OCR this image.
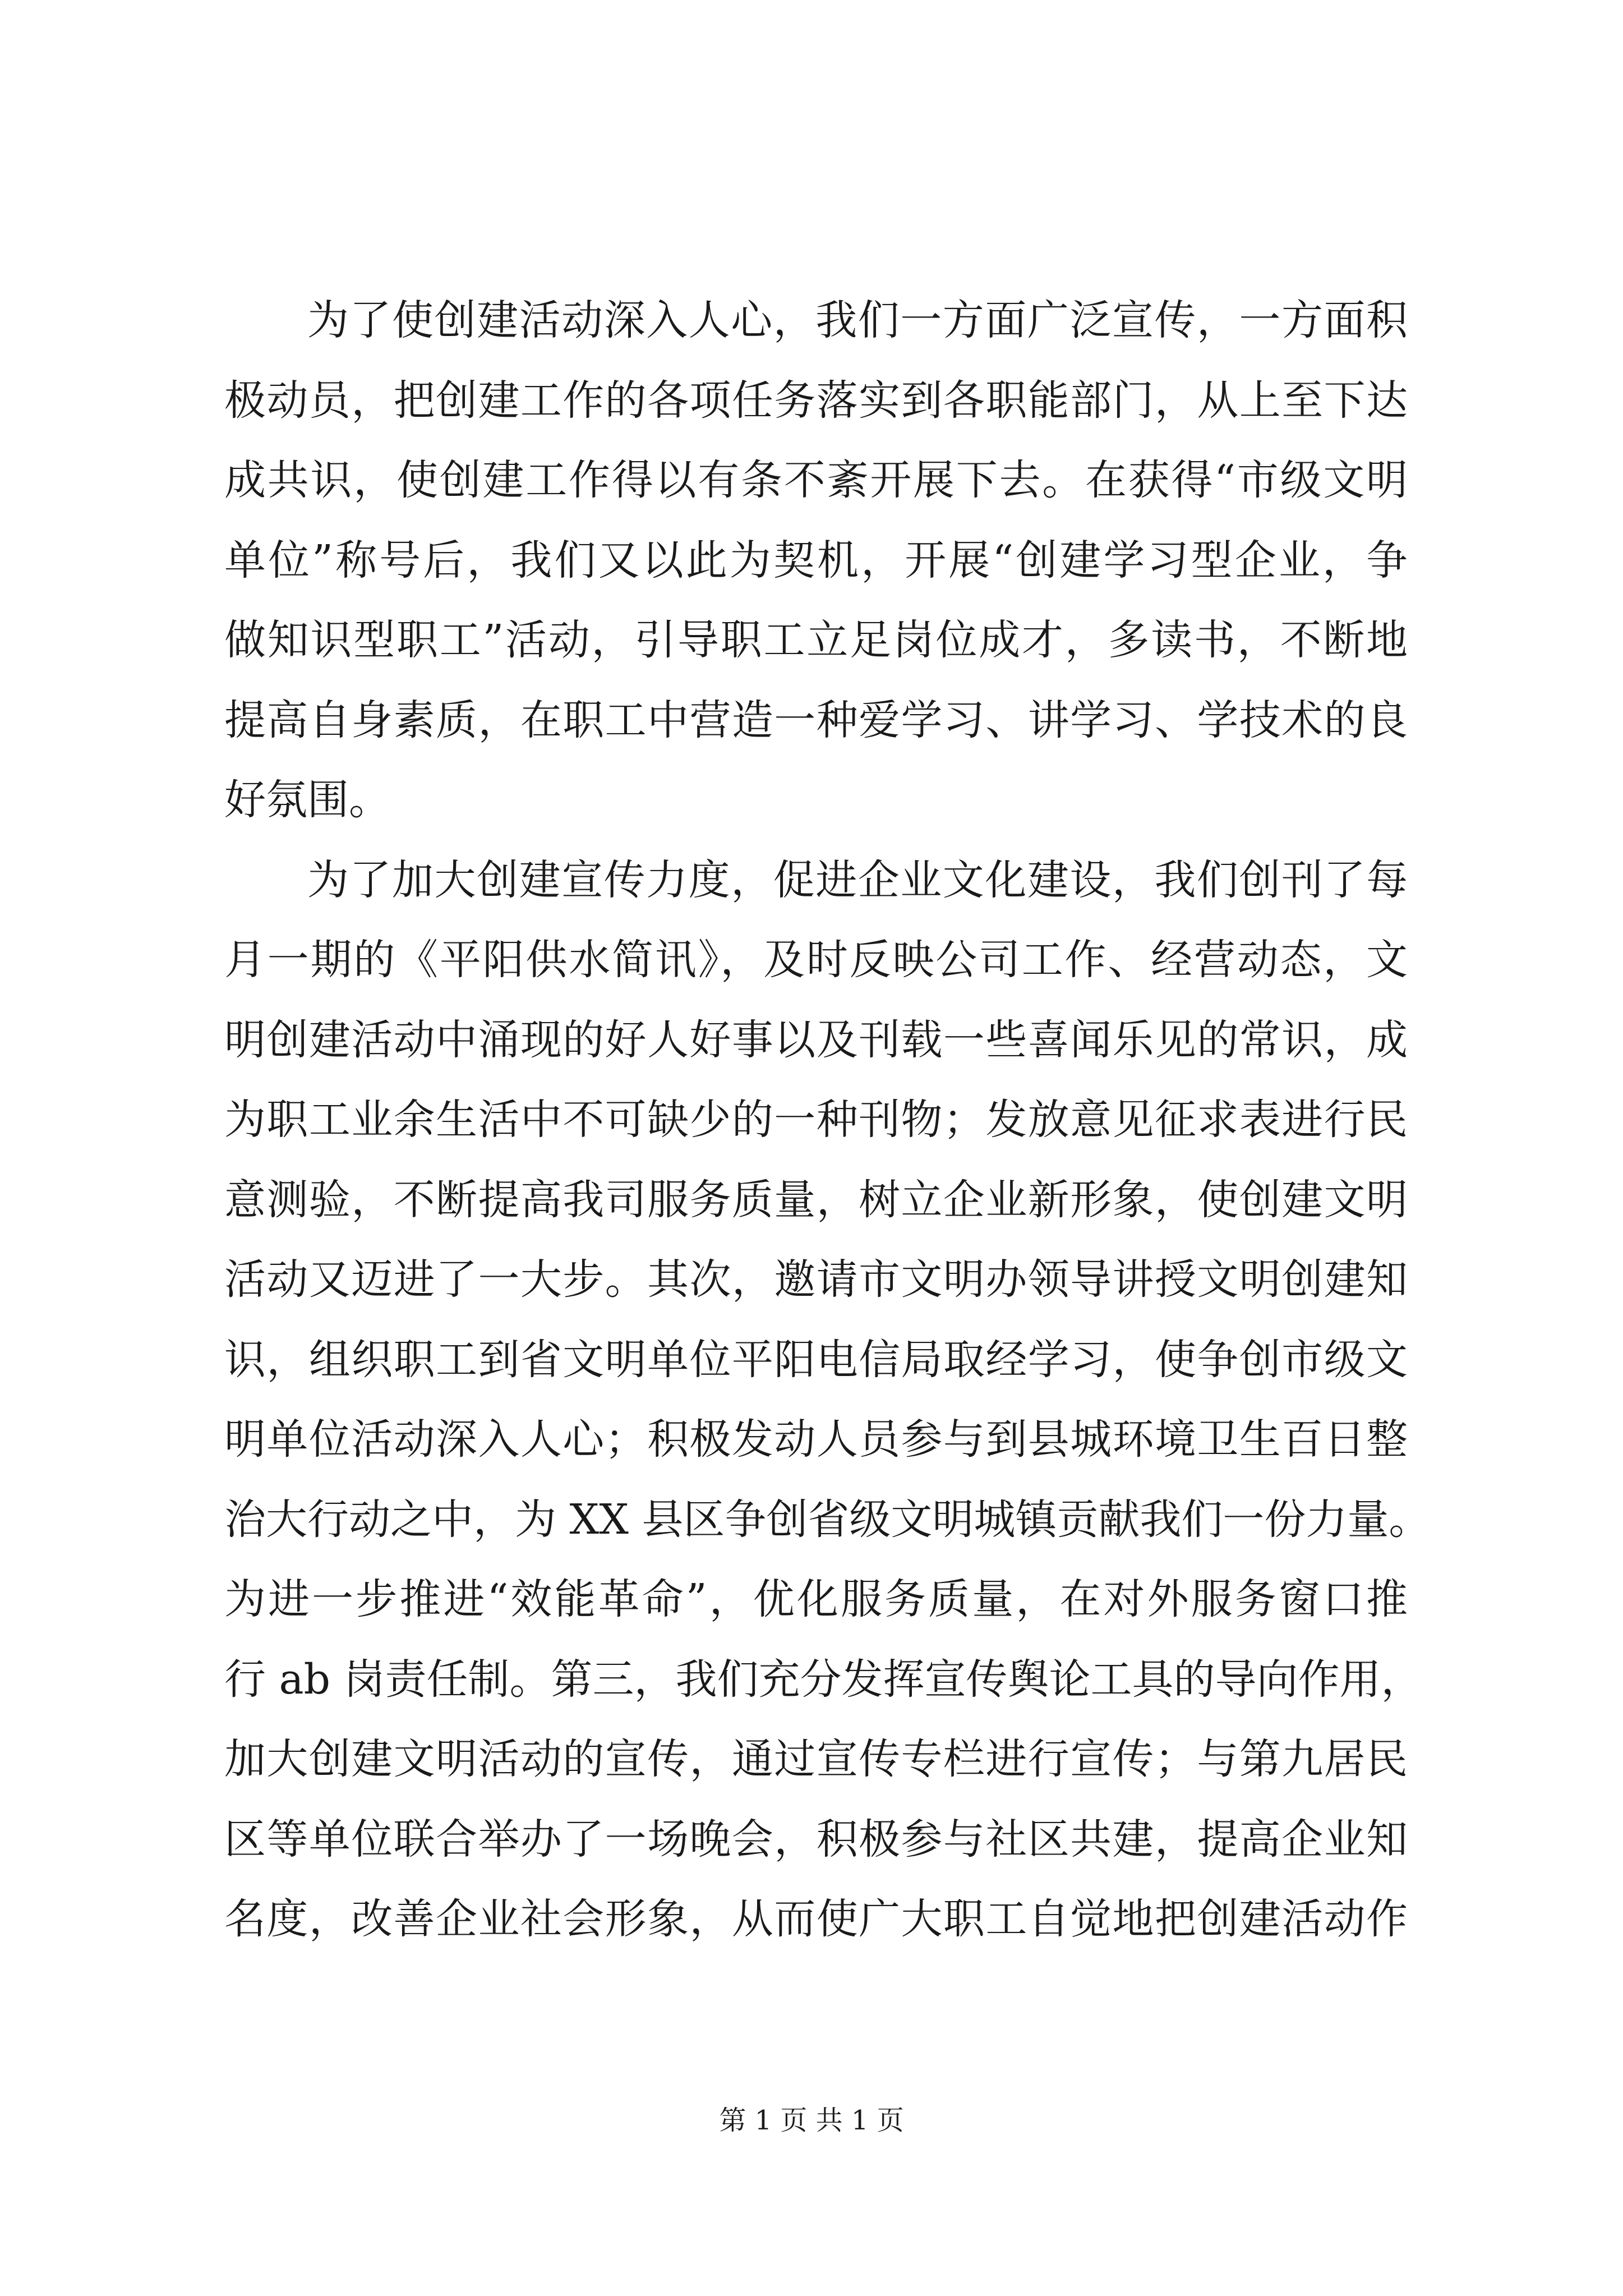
为了使创建活动深入人心，我们一方面广泛宣传，一方面积
极动员，把创建工作的各项任务落实到各职能部门，从上至下达
成共识，使创建工作得以有条不紊开展下去。在获得“市级文明
单位”称号后，我们又以此为契机，开展“创建学习型企业，争
做知识型职工”活动，引导职工立足岗位成才，多读书，不断地
提高自身素质，在职工中营造一种爱学习、讲学习、学技术的良
好氛围。
为了加大创建宣传力度，促进企业文化建设，我们创刊了每
月一期的《平阳供水简讯》，及时反映公司工作、经营动态，文
明创建活动中涌现的好人好事以及刊载一些喜闻乐见的常识，成
为职工业余生活中不可缺少的一种刊物；发放意见征求表进行民
意测验，不断提高我司服务质量，树立企业新形象，使创建文明
活动又迈进了一大步。其次，邀请市文明办领导讲授文明创建知
识，组织职工到省文明单位平阳电信局取经学习，使争创市级文
明单位活动深入人心；积极发动人员参与到县城环境卫生百日整
治大行动之中，为 XX 县区争创省级文明城镇贡献我们一份力量。
为进一步推进“效能革命”，优化服务质量，在对外服务窗口推
行 ab 岗责任制。第三，我们充分发挥宣传舆论工具的导向作用，
加大创建文明活动的宣传，通过宣传专栏进行宣传；与第九居民
区等单位联合举办了一场晚会，积极参与社区共建，提高企业知
名度，改善企业社会形象，从而使广大职工自觉地把创建活动作
第 1 页 共 1 页
